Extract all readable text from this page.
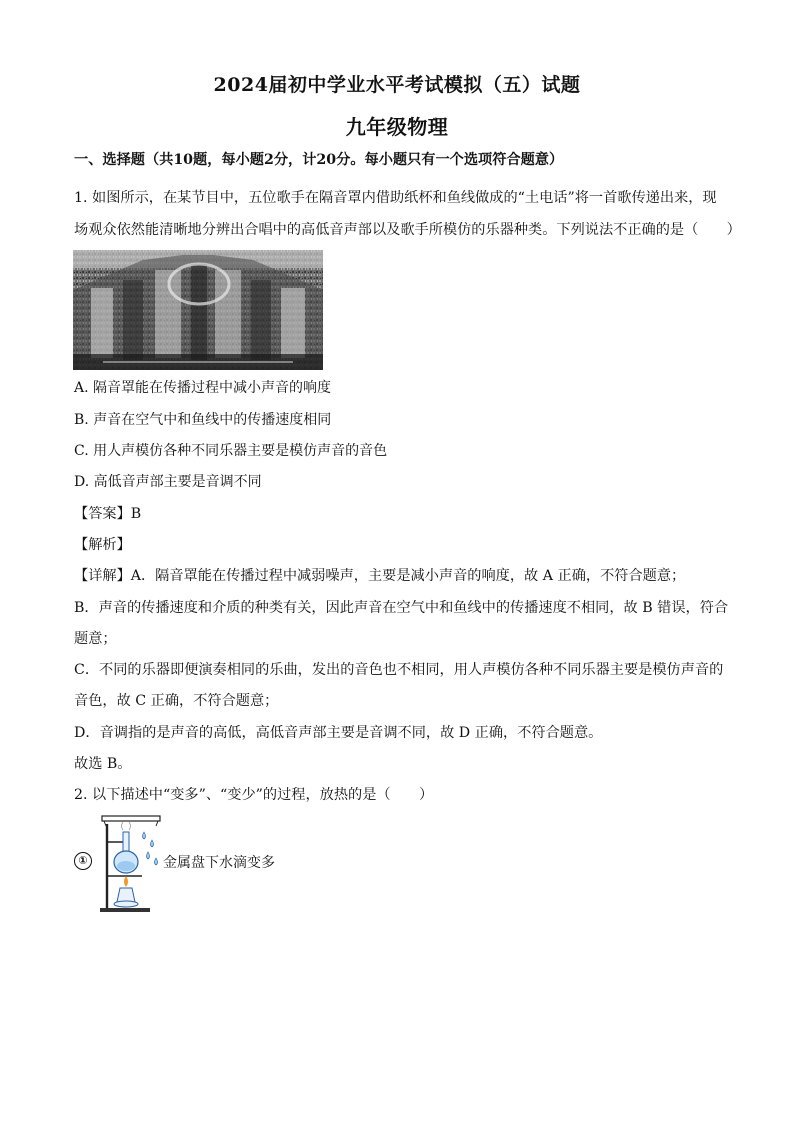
2024届初中学业水平考试模拟（五）试题
九年级物理
一、选择题（共10题，每小题2分，计20分。每小题只有一个选项符合题意）
1. 如图所示，在某节目中，五位歌手在隔音罩内借助纸杯和鱼线做成的“土电话”将一首歌传递出来，现
场观众依然能清晰地分辨出合唱中的高低音声部以及歌手所模仿的乐器种类。下列说法不正确的是（　　）
A. 隔音罩能在传播过程中减小声音的响度
B. 声音在空气中和鱼线中的传播速度相同
C. 用人声模仿各种不同乐器主要是模仿声音的音色
D. 高低音声部主要是音调不同
【答案】B
【解析】
【详解】A．隔音罩能在传播过程中减弱噪声，主要是减小声音的响度，故 A 正确，不符合题意；
B．声音的传播速度和介质的种类有关，因此声音在空气中和鱼线中的传播速度不相同，故 B 错误，符合
题意；
C．不同的乐器即便演奏相同的乐曲，发出的音色也不相同，用人声模仿各种不同乐器主要是模仿声音的
音色，故 C 正确，不符合题意；
D．音调指的是声音的高低，高低音声部主要是音调不同，故 D 正确，不符合题意。
故选 B。
2. 以下描述中“变多”、“变少”的过程，放热的是（　　）
①	金属盘下水滴变多
